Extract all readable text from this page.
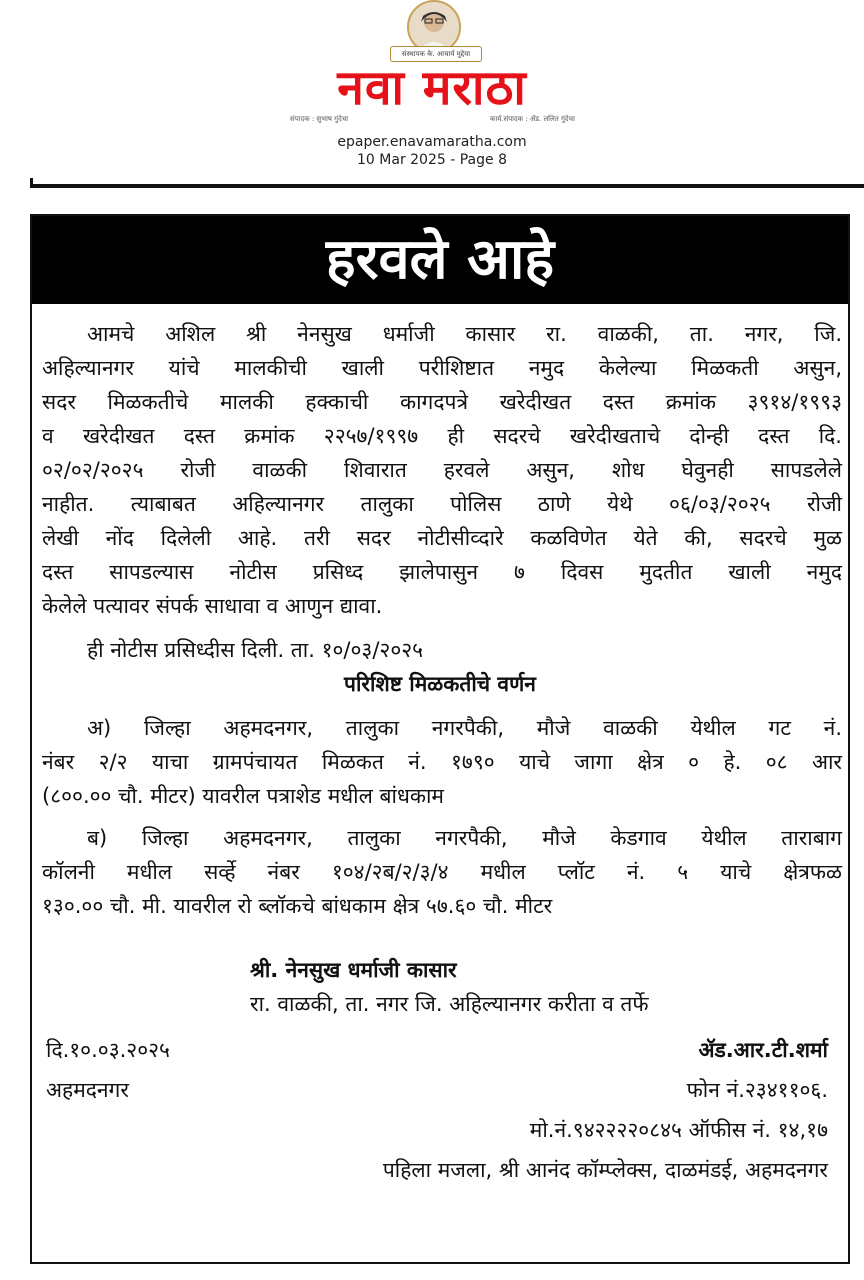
संस्थापक के. आचार्य मुद्देया
नवा मराठा
संपादक : सुभाष गुंदेचा	कार्य.संपादक : ॲड. ललित गुंदेचा
epaper.enavamaratha.com
10 Mar 2025 - Page 8
हरवले आहे
आमचे अशिल श्री नेनसुख धर्माजी कासार रा. वाळकी, ता. नगर, जि.
अहिल्यानगर यांचे मालकीची खाली परीशिष्टात नमुद केलेल्या मिळकती असुन,
सदर मिळकतीचे मालकी हक्काची कागदपत्रे खरेदीखत दस्त क्रमांक ३९१४/१९९३
व खरेदीखत दस्त क्रमांक २२५७/१९९७ ही सदरचे खरेदीखताचे दोन्ही दस्त दि.
०२/०२/२०२५ रोजी वाळकी शिवारात हरवले असुन, शोध घेवुनही सापडलेले
नाहीत. त्याबाबत अहिल्यानगर तालुका पोलिस ठाणे येथे ०६/०३/२०२५ रोजी
लेखी नोंद दिलेली आहे. तरी सदर नोटीसीव्दारे कळविणेत येते की, सदरचे मुळ
दस्त सापडल्यास नोटीस प्रसिध्द झालेपासुन ७ दिवस मुदतीत खाली नमुद
केलेले पत्यावर संपर्क साधावा व आणुन द्यावा.
ही नोटीस प्रसिध्दीस दिली. ता. १०/०३/२०२५
परिशिष्ट मिळकतीचे वर्णन
अ) जिल्हा अहमदनगर, तालुका नगरपैकी, मौजे वाळकी येथील गट नं.
नंबर २/२ याचा ग्रामपंचायत मिळकत नं. १७९० याचे जागा क्षेत्र ० हे. ०८ आर
(८००.०० चौ. मीटर) यावरील पत्राशेड मधील बांधकाम
ब) जिल्हा अहमदनगर, तालुका नगरपैकी, मौजे केडगाव येथील ताराबाग
कॉलनी मधील सर्व्हे नंबर १०४/२ब/२/३/४ मधील प्लॉट नं. ५ याचे क्षेत्रफळ
१३०.०० चौ. मी. यावरील रो ब्लॉकचे बांधकाम क्षेत्र ५७.६० चौ. मीटर
श्री. नेनसुख धर्माजी कासार
रा. वाळकी, ता. नगर जि. अहिल्यानगर करीता व तर्फे
दि.१०.०३.२०२५	ॲड.आर.टी.शर्मा
अहमदनगर	फोन नं.२३४११०६.
मो.नं.९४२२२२०८४५ ऑफीस नं. १४,१७
पहिला मजला, श्री आनंद कॉम्प्लेक्स, दाळमंडई, अहमदनगर
